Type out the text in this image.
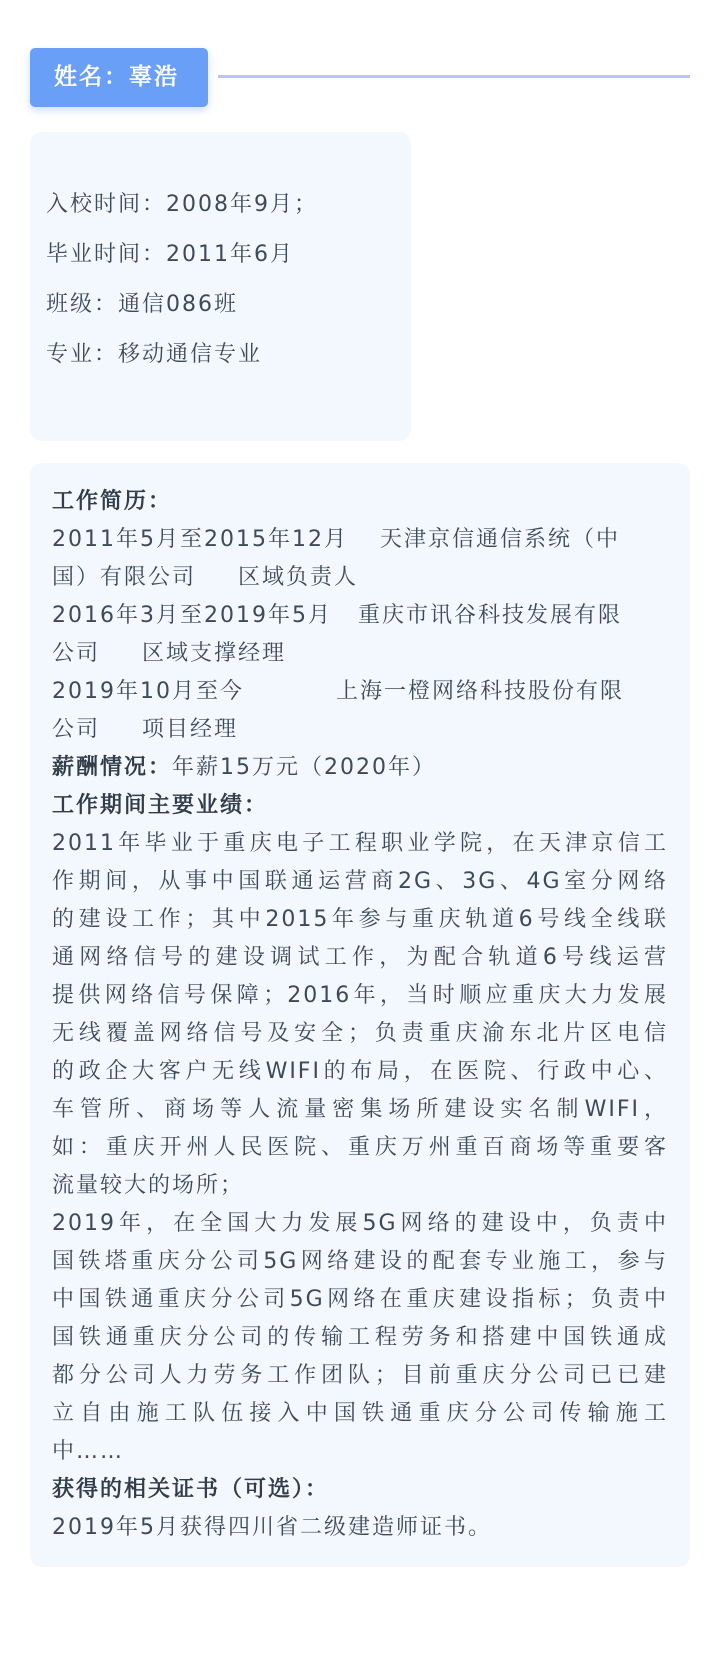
姓名：辜浩
入校时间：2008年9月；
毕业时间：2011年6月
班级：通信086班
专业：移动通信专业
工作简历：
2011年5月至2015年12月 天津京信通信系统（中
国）有限公司 区域负责人
2016年3月至2019年5月 重庆市讯谷科技发展有限
公司 区域支撑经理
2019年10月至今	上海一橙网络科技股份有限
公司 项目经理
薪酬情况：年薪15万元（2020年）
工作期间主要业绩：
2011年毕业于重庆电子工程职业学院，在天津京信工
作期间，从事中国联通运营商2G、3G、4G室分网络
的建设工作；其中2015年参与重庆轨道6号线全线联
通网络信号的建设调试工作，为配合轨道6号线运营
提供网络信号保障；2016年，当时顺应重庆大力发展
无线覆盖网络信号及安全；负责重庆渝东北片区电信
的政企大客户无线WIFI的布局，在医院、行政中心、
车管所、商场等人流量密集场所建设实名制WIFI，
如：重庆开州人民医院、重庆万州重百商场等重要客
流量较大的场所；
2019年，在全国大力发展5G网络的建设中，负责中
国铁塔重庆分公司5G网络建设的配套专业施工，参与
中国铁通重庆分公司5G网络在重庆建设指标；负责中
国铁通重庆分公司的传输工程劳务和搭建中国铁通成
都分公司人力劳务工作团队；目前重庆分公司已已建
立自由施工队伍接入中国铁通重庆分公司传输施工
中……
获得的相关证书（可选）：
2019年5月获得四川省二级建造师证书。
